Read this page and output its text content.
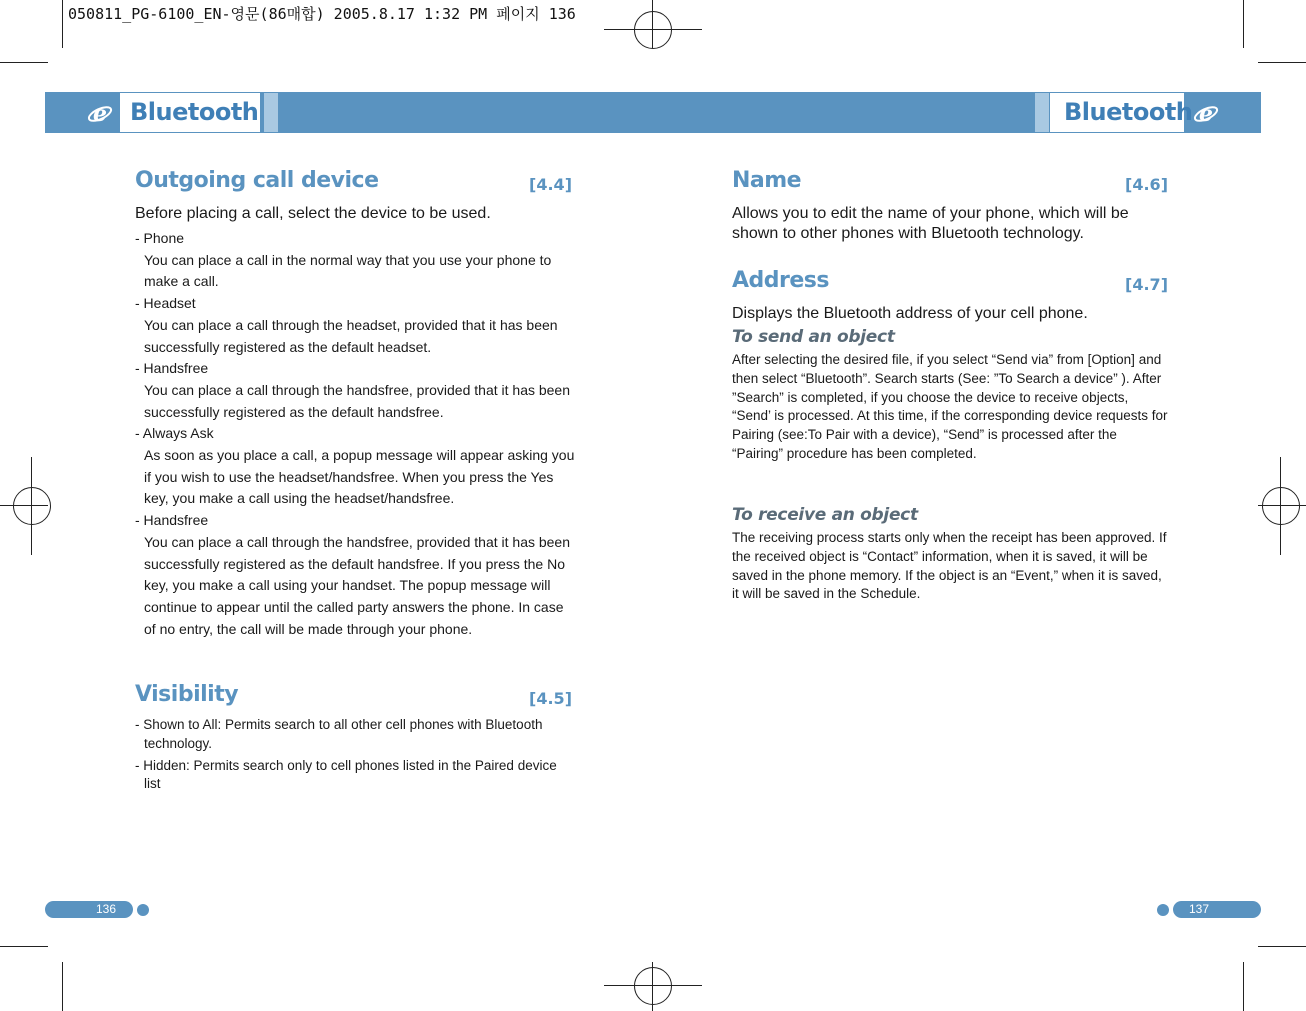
050811_PG-6100_EN-영문(86매합) 2005.8.17 1:32 PM 페이지 136
e Bluetooth	Bluetooth e
Outgoing call device	[4.4]
Before placing a call, select the device to be used.
- Phone
You can place a call in the normal way that you use your phone to make a call.
- Headset
You can place a call through the headset, provided that it has been successfully registered as the default headset.
- Handsfree
You can place a call through the handsfree, provided that it has been successfully registered as the default handsfree.
- Always Ask
As soon as you place a call, a popup message will appear asking you if you wish to use the headset/handsfree. When you press the Yes key, you make a call using the headset/handsfree.
- Handsfree
You can place a call through the handsfree, provided that it has been successfully registered as the default handsfree. If you press the No key, you make a call using your handset. The popup message will continue to appear until the called party answers the phone. In case of no entry, the call will be made through your phone.
Visibility	[4.5]

- Shown to All: Permits search to all other cell phones with Bluetooth technology.

- Hidden: Permits search only to cell phones listed in the Paired device list

Name	[4.6]
Allows you to edit the name of your phone, which will be shown to other phones with Bluetooth technology.
Address	[4.7]
Displays the Bluetooth address of your cell phone.
To send an object
After selecting the desired file, if you select “Send via” from [Option] and then select “Bluetooth”. Search starts (See: ”To Search a device” ). After ”Search” is completed, if you choose the device to receive objects, “Send’ is processed. At this time, if the corresponding device requests for Pairing (see:To Pair with a device), “Send” is processed after the “Pairing” procedure has been completed.
To receive an object
The receiving process starts only when the receipt has been approved. If the received object is “Contact” information, when it is saved, it will be saved in the phone memory. If the object is an “Event,” when it is saved, it will be saved in the Schedule.
136	137
